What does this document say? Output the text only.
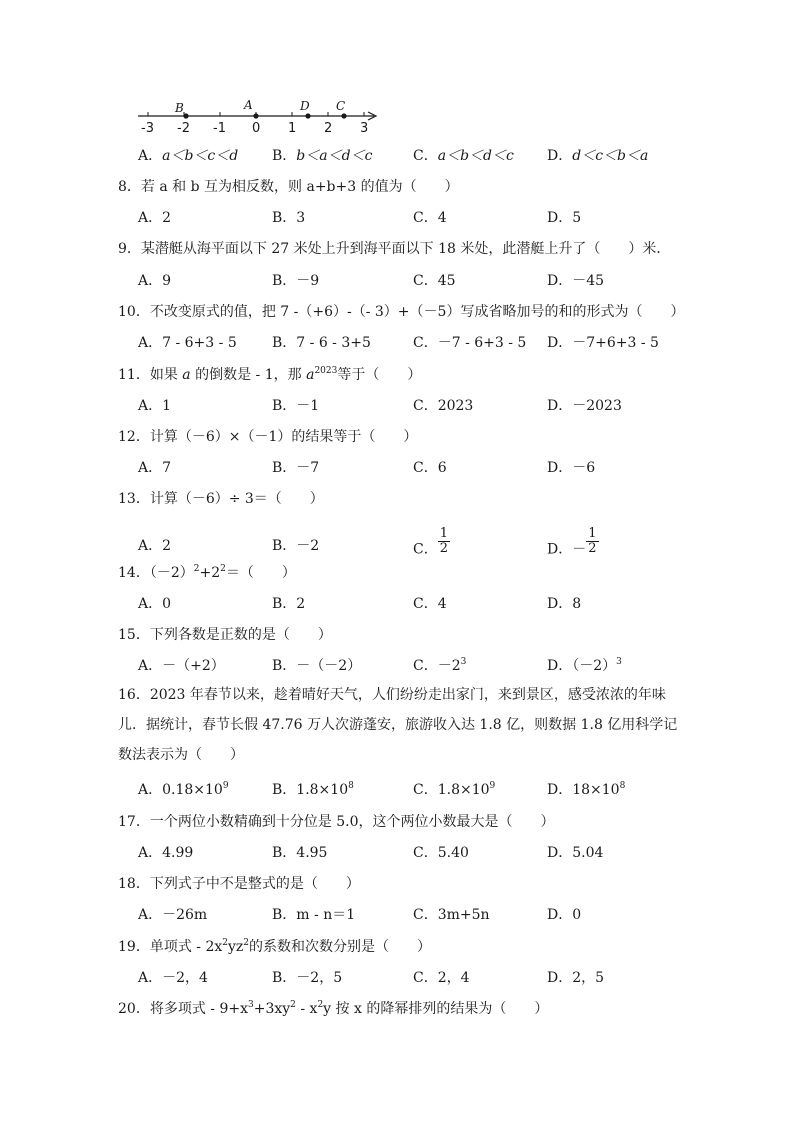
-3 -2 -1 0 1 2 3
B	A	D C
A．a＜b＜c＜d B．b＜a＜d＜c	C．a＜b＜d＜c D．d＜c＜b＜a
8．若 a 和 b 互为相反数，则 a+b+3 的值为（　　）
A．2	B．3	C．4	D．5
9．某潜艇从海平面以下 27 米处上升到海平面以下 18 米处，此潜艇上升了（　　）米．
A．9	B．－9	C．45	D．－45
10．不改变原式的值，把 7 -（+6）-（- 3）+（－5）写成省略加号的和的形式为（　　）
A．7 - 6+3 - 5	B．7 - 6 - 3+5	C．－7 - 6+3 - 5 D．－7+6+3 - 5
11．如果 a 的倒数是 - 1，那 $a^{2023}$等于（　　）
A．1	B．－1	C．2023	D．－2023
12．计算（－6）×（－1）的结果等于（　　）
A．7	B．－7	C．6	D．－6
13．计算（－6）÷ 3＝（　　）
A．2	B．－2	C． $\frac{1}{2}$	D．－ $\frac{1}{2}$
14．$(-2)^2+2^2=$（　　）
A．0	B．2	C．4	D．8
15．下列各数是正数的是（　　）
A．－（+2）	B．－（－2）	C．$-2^3$	D．$(-2)^3$
16．2023 年春节以来，趁着晴好天气，人们纷纷走出家门，来到景区，感受浓浓的年味儿．据统计，春节长假 47.76 万人次游蓬安，旅游收入达 1.8 亿，则数据 1.8 亿用科学记数法表示为（　　）
A．$0.18\times 10^9$	B．$1.8\times 10^8$	C．$1.8\times 10^9$	D．$18\times 10^8$
17．一个两位小数精确到十分位是 5.0，这个两位小数最大是（　　）
A．4.99	B．4.95	C．5.40	D．5.04
18．下列式子中不是整式的是（　　）
A．－26m	B．m - n＝1	C．3m+5n	D．0
19．单项式 - $2x^2yz^2$的系数和次数分别是（　　）
A．－2，4	B．－2，5	C．2，4	D．2，5
20．将多项式 - $9+x^3+3xy^2 - x^2y$ 按 x 的降幂排列的结果为（　　）
